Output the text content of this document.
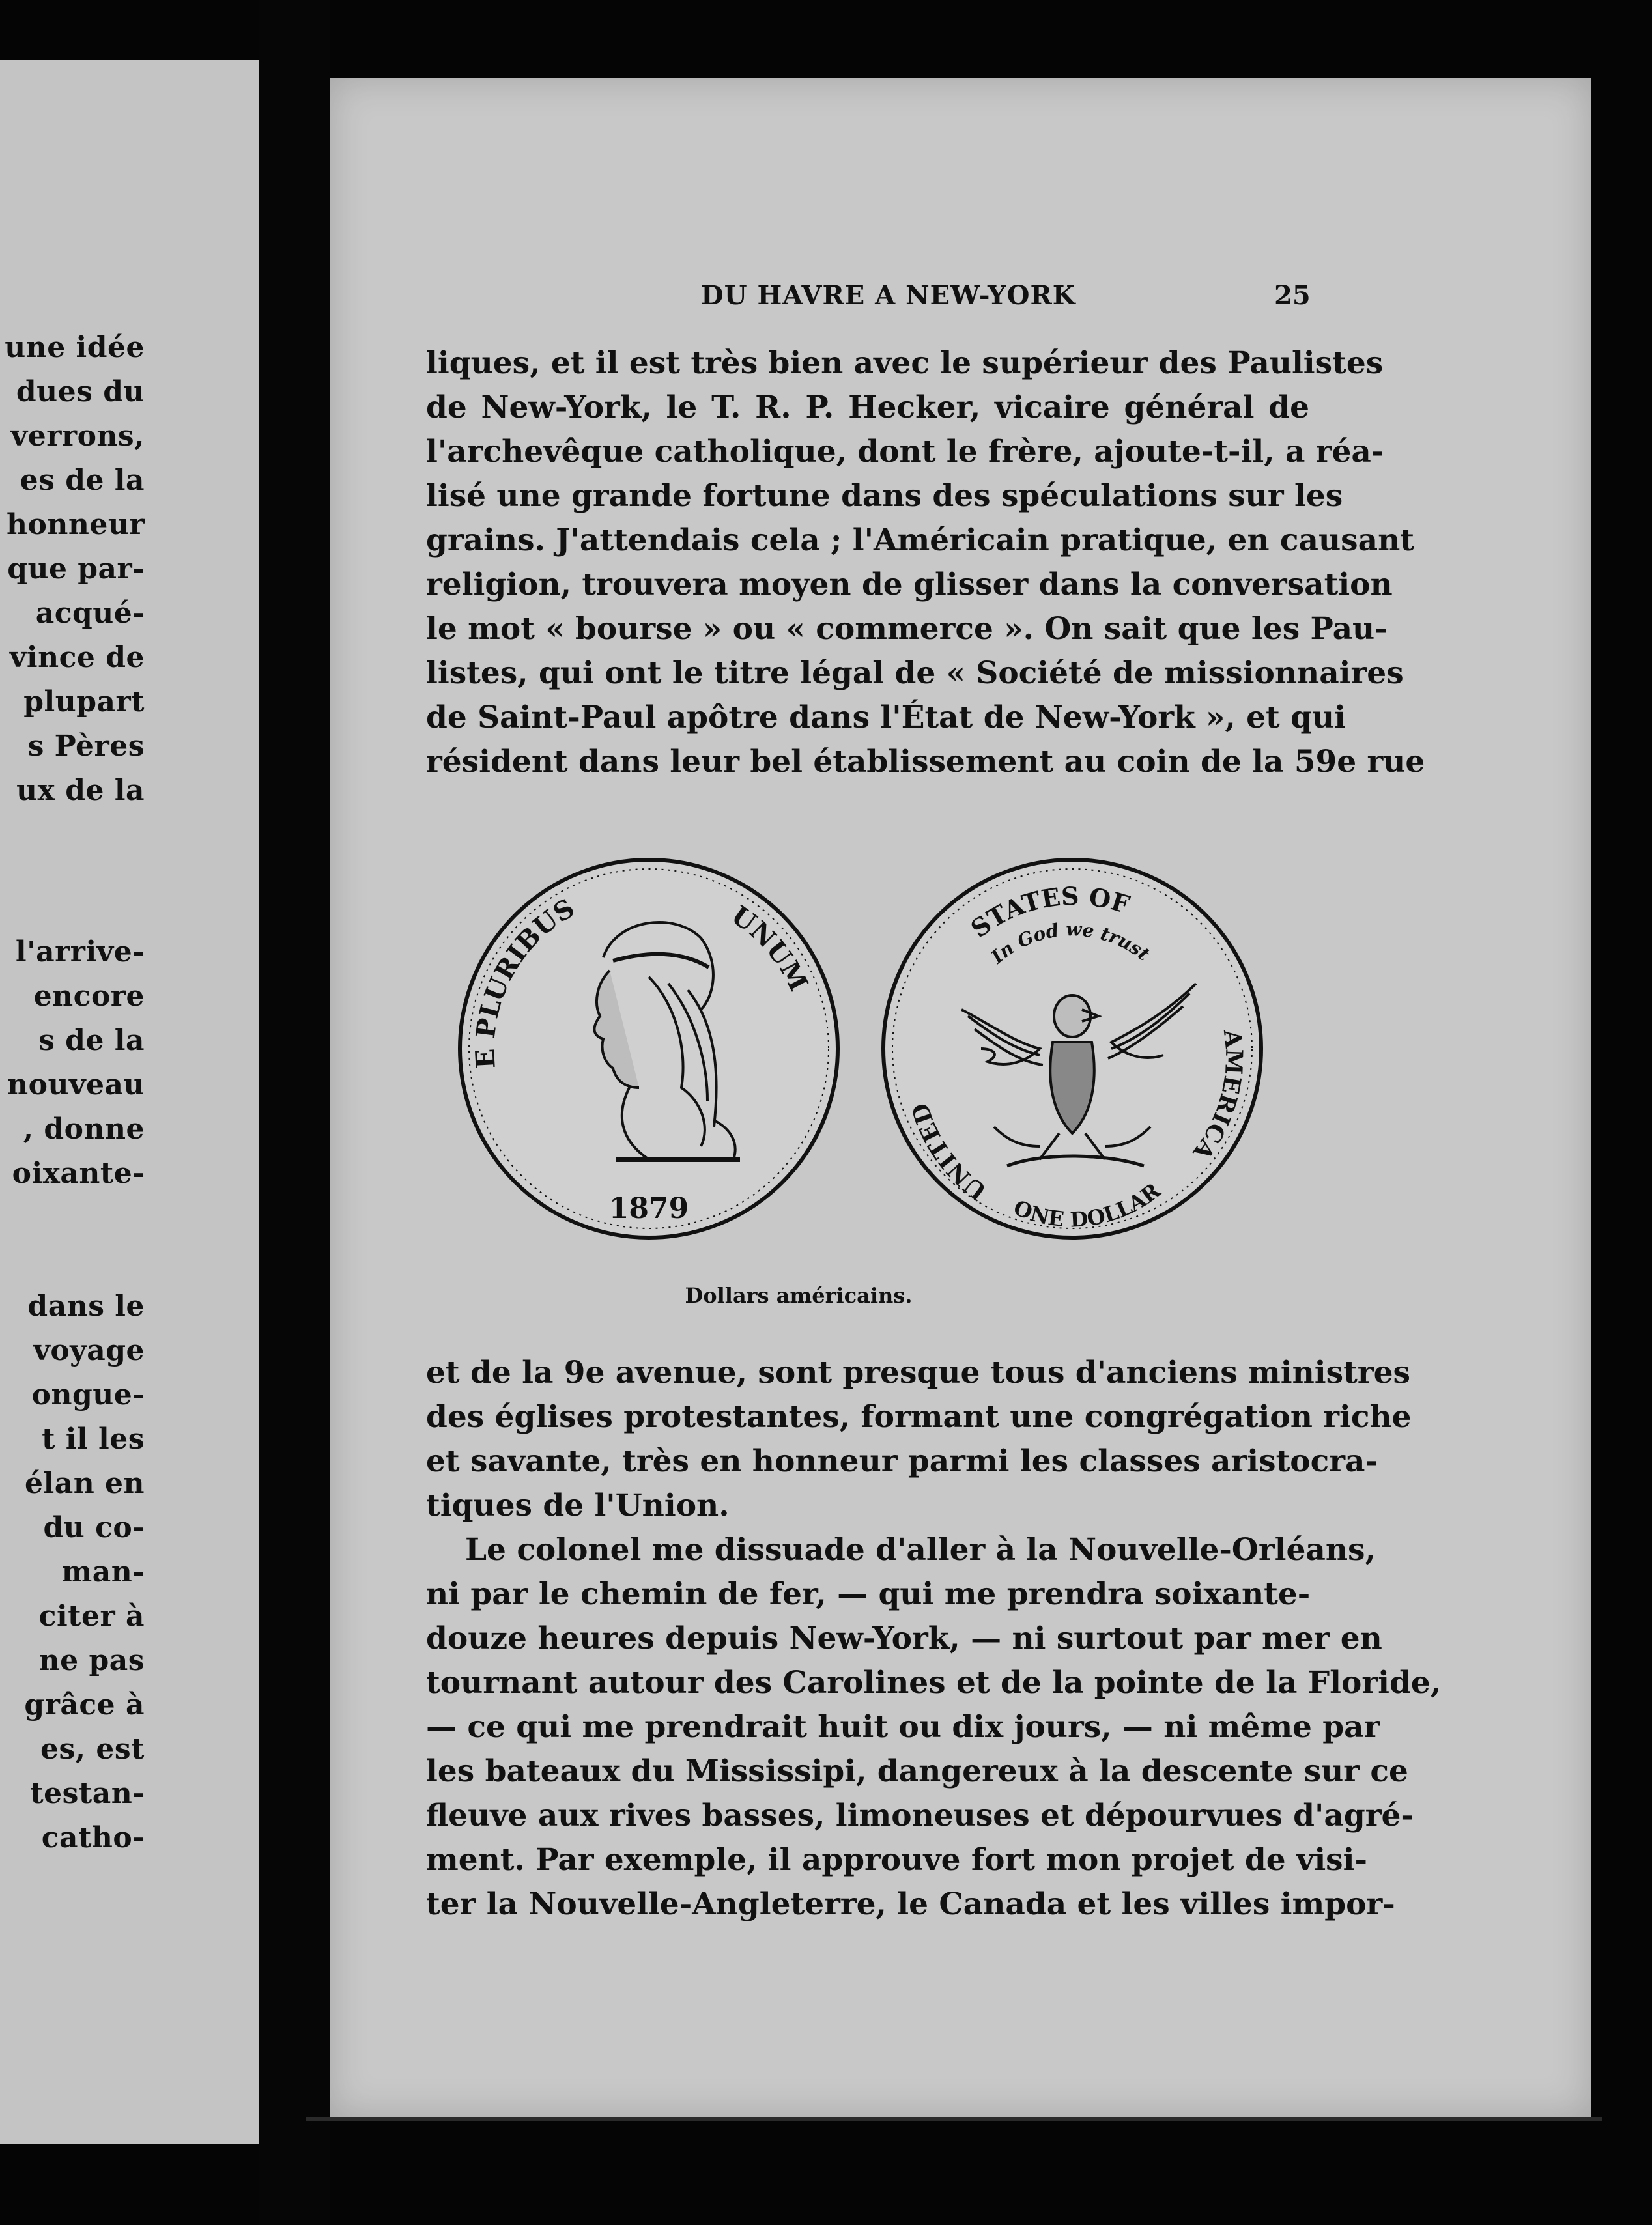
une idée
dues du
verrons,
es de la
honneur
que par-
acqué-
vince de
plupart
s Pères
ux de la
l'arrive-
encore
s de la
nouveau
, donne
oixante-
dans le
voyage
ongue-
t il les
élan en
du co-
man-
citer à
ne pas
grâce à
es, est
testan-
catho-
DU HAVRE A NEW-YORK	25
liques, et il est très bien avec le supérieur des Paulistes
de New-York, le T. R. P. Hecker, vicaire général de
l'archevêque catholique, dont le frère, ajoute-t-il, a réa-
lisé une grande fortune dans des spéculations sur les
grains. J'attendais cela ; l'Américain pratique, en causant
religion, trouvera moyen de glisser dans la conversation
le mot « bourse » ou « commerce ». On sait que les Pau-
listes, qui ont le titre légal de « Société de missionnaires
de Saint-Paul apôtre dans l'État de New-York », et qui
résident dans leur bel établissement au coin de la 59e rue
E PLURIBUS	UNUM
1879
STATES OF
In God we trust
UNITED
AMERICA
ONE DOLLAR
Dollars américains.
et de la 9e avenue, sont presque tous d'anciens ministres
des églises protestantes, formant une congrégation riche
et savante, très en honneur parmi les classes aristocra-
tiques de l'Union.
Le colonel me dissuade d'aller à la Nouvelle-Orléans,
ni par le chemin de fer, — qui me prendra soixante-
douze heures depuis New-York, — ni surtout par mer en
tournant autour des Carolines et de la pointe de la Floride,
— ce qui me prendrait huit ou dix jours, — ni même par
les bateaux du Mississipi, dangereux à la descente sur ce
fleuve aux rives basses, limoneuses et dépourvues d'agré-
ment. Par exemple, il approuve fort mon projet de visi-
ter la Nouvelle-Angleterre, le Canada et les villes impor-
